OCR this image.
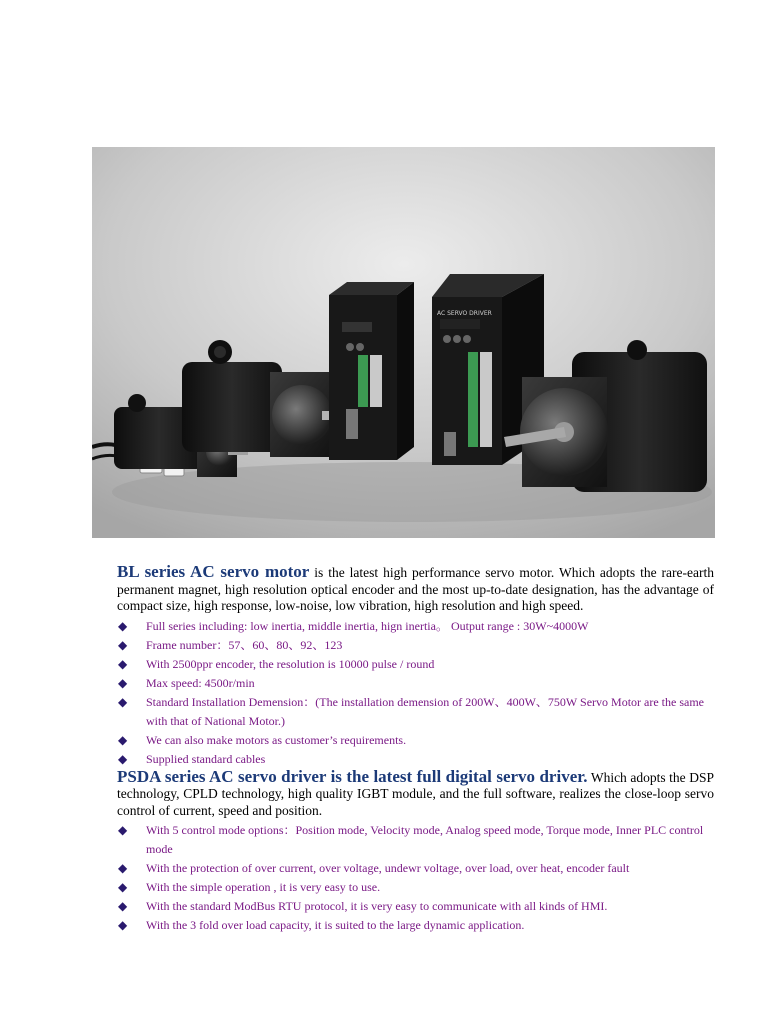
AC SERVO DRIVER

BL series AC servo motor is the latest high performance servo motor. Which adopts the rare-earth permanent magnet, high resolution optical encoder and the most up-to-date designation, has the advantage of compact size, high response, low-noise, low vibration, high resolution and high speed.

◆ Full series including: low inertia, middle inertia, hign inertia。 Output range : 30W~4000W
◆ Frame number：57、60、80、92、123
◆ With 2500ppr encoder, the resolution is 10000 pulse / round
◆ Max speed: 4500r/min
◆ Standard Installation Demension：(The installation demension of 200W、400W、750W Servo Motor are the same with that of National Motor.)
◆ We can also make motors as customer’s requirements.
◆ Supplied standard cables

PSDA series AC servo driver is the latest full digital servo driver. Which adopts the DSP technology, CPLD technology, high quality IGBT module, and the full software, realizes the close-loop servo control of current, speed and position.

◆ With 5 control mode options：Position mode, Velocity mode, Analog speed mode, Torque mode, Inner PLC control mode
◆ With the protection of over current, over voltage, undewr voltage, over load, over heat, encoder fault
◆ With the simple operation , it is very easy to use.
◆ With the standard ModBus RTU protocol, it is very easy to communicate with all kinds of HMI.
◆ With the 3 fold over load capacity, it is suited to the large dynamic application.
